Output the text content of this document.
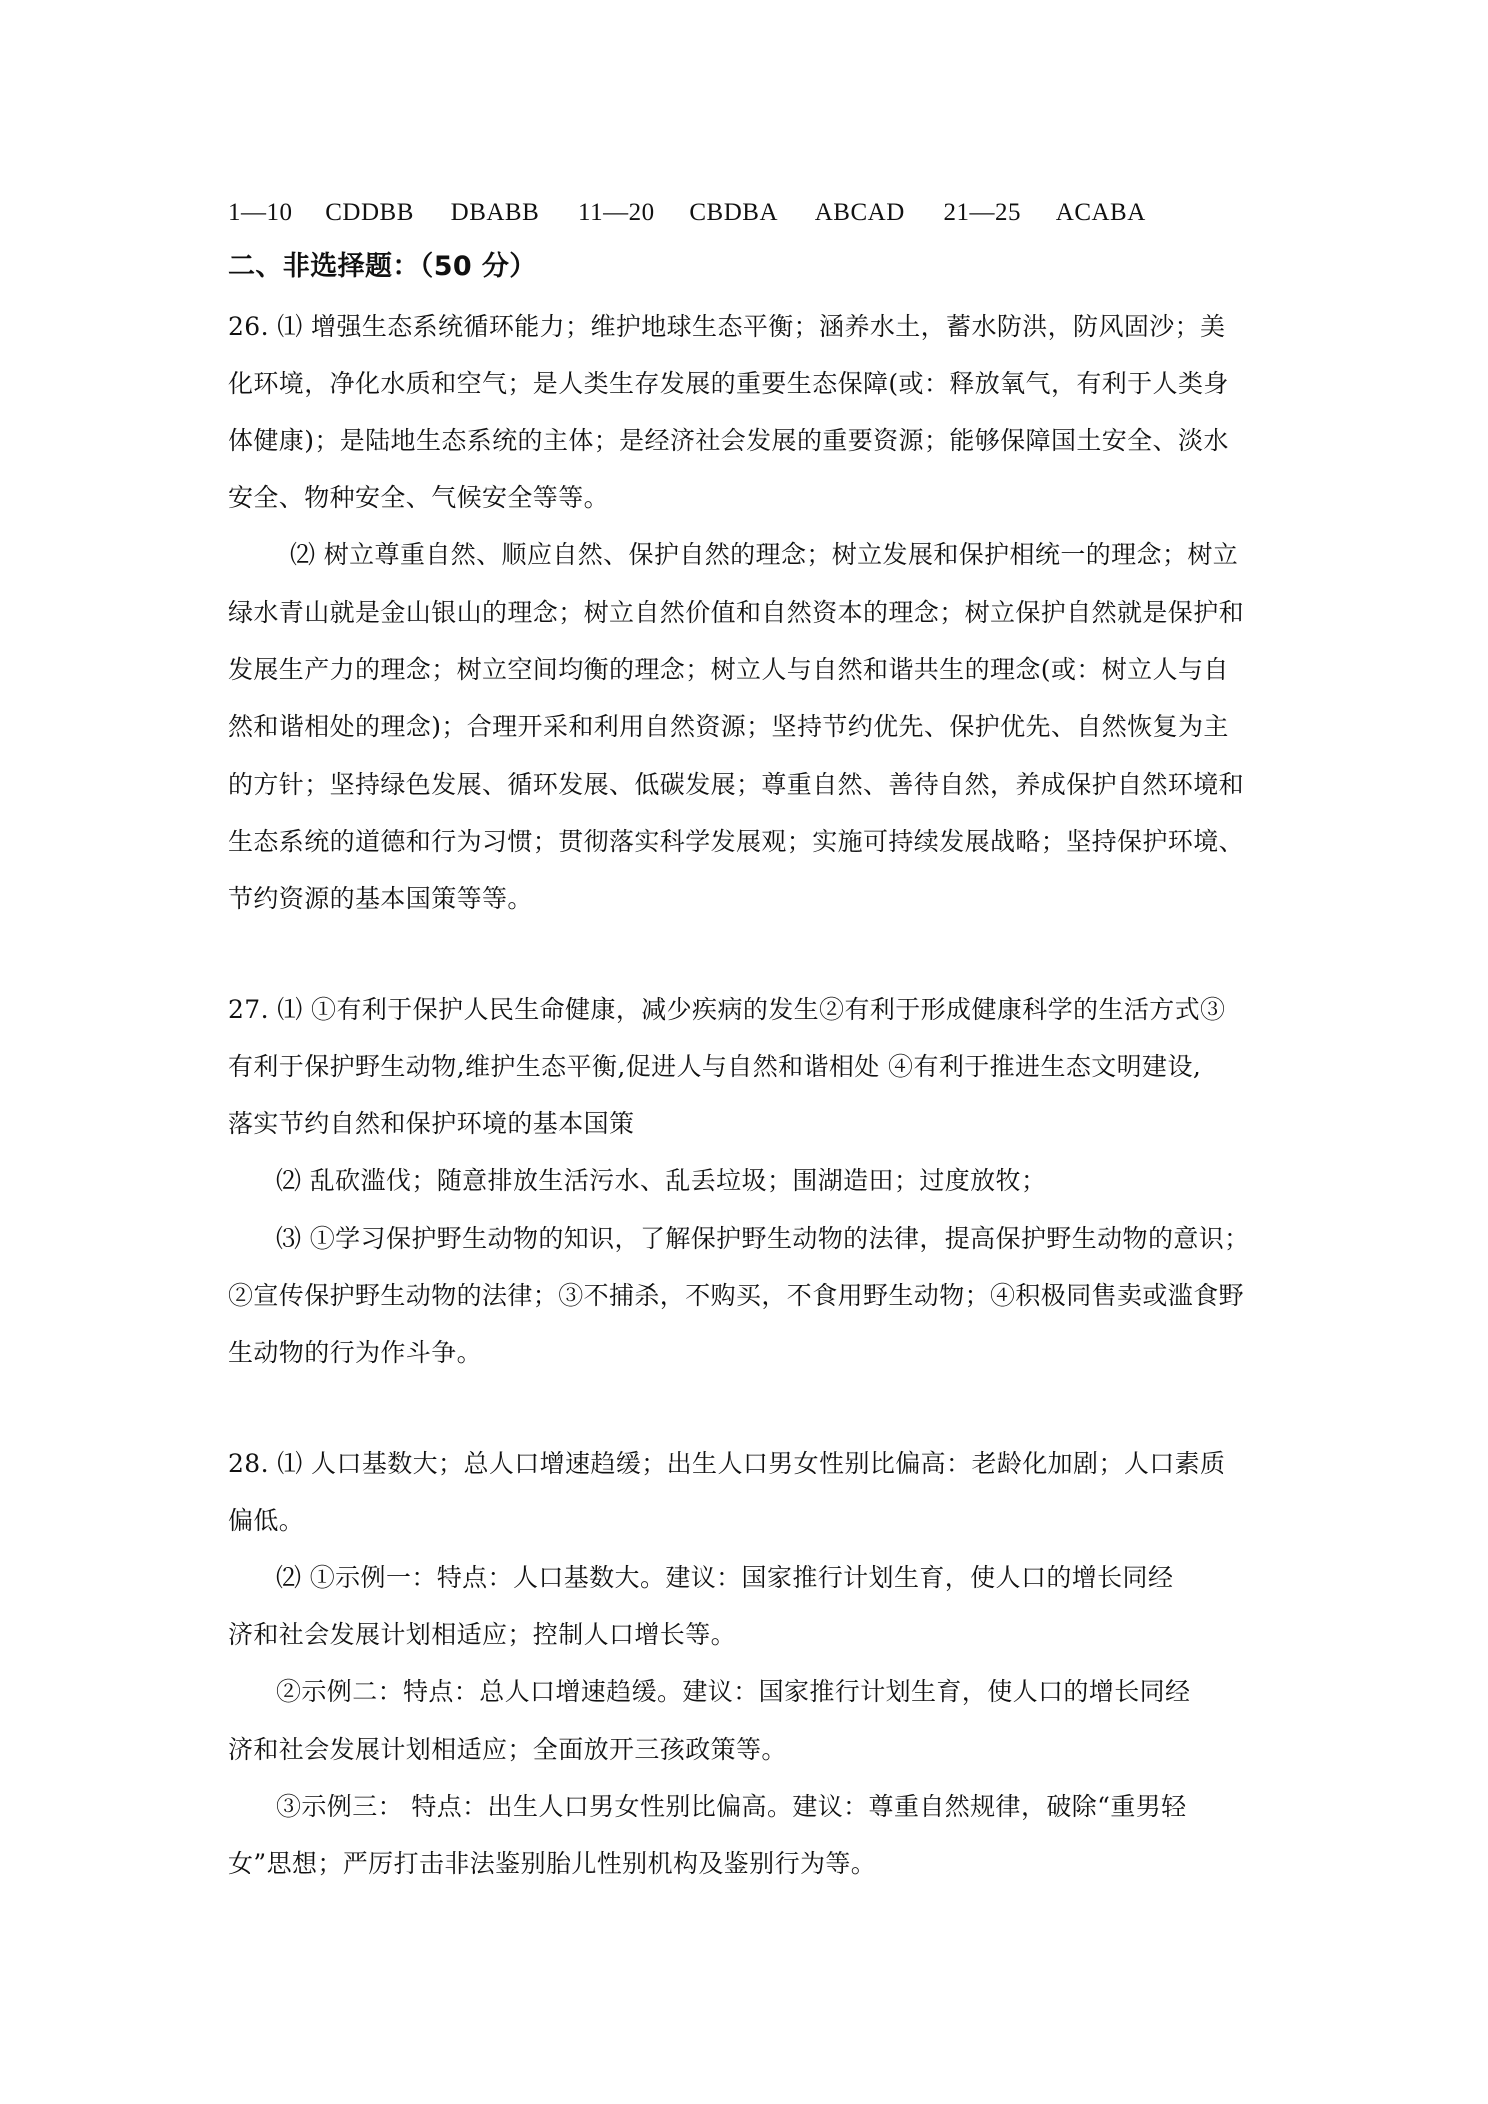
1—10 CDDBB DBABB 11—20 CBDBA ABCAD 21—25 ACABA
二、非选择题：（50 分）
26. ⑴ 增强生态系统循环能力；维护地球生态平衡；涵养水土，蓄水防洪，防风固沙；美
化环境，净化水质和空气；是人类生存发展的重要生态保障(或：释放氧气，有利于人类身
体健康)；是陆地生态系统的主体；是经济社会发展的重要资源；能够保障国土安全、淡水
安全、物种安全、气候安全等等。
⑵ 树立尊重自然、顺应自然、保护自然的理念；树立发展和保护相统一的理念；树立
绿水青山就是金山银山的理念；树立自然价值和自然资本的理念；树立保护自然就是保护和
发展生产力的理念；树立空间均衡的理念；树立人与自然和谐共生的理念(或：树立人与自
然和谐相处的理念)；合理开采和利用自然资源；坚持节约优先、保护优先、自然恢复为主
的方针；坚持绿色发展、循环发展、低碳发展；尊重自然、善待自然，养成保护自然环境和
生态系统的道德和行为习惯；贯彻落实科学发展观；实施可持续发展战略；坚持保护环境、
节约资源的基本国策等等。
27. ⑴ ①有利于保护人民生命健康，减少疾病的发生②有利于形成健康科学的生活方式③
有利于保护野生动物,维护生态平衡,促进人与自然和谐相处 ④有利于推进生态文明建设,
落实节约自然和保护环境的基本国策
⑵ 乱砍滥伐；随意排放生活污水、乱丢垃圾；围湖造田；过度放牧；
⑶ ①学习保护野生动物的知识，了解保护野生动物的法律，提高保护野生动物的意识；
②宣传保护野生动物的法律；③不捕杀，不购买，不食用野生动物；④积极同售卖或滥食野
生动物的行为作斗争。
28. ⑴ 人口基数大；总人口增速趋缓；出生人口男女性别比偏高：老龄化加剧；人口素质
偏低。
⑵ ①示例一：特点：人口基数大。建议：国家推行计划生育，使人口的增长同经
济和社会发展计划相适应；控制人口增长等。
②示例二：特点：总人口增速趋缓。建议：国家推行计划生育，使人口的增长同经
济和社会发展计划相适应；全面放开三孩政策等。
③示例三： 特点：出生人口男女性别比偏高。建议：尊重自然规律，破除“重男轻
女”思想；严厉打击非法鉴别胎儿性别机构及鉴别行为等。
